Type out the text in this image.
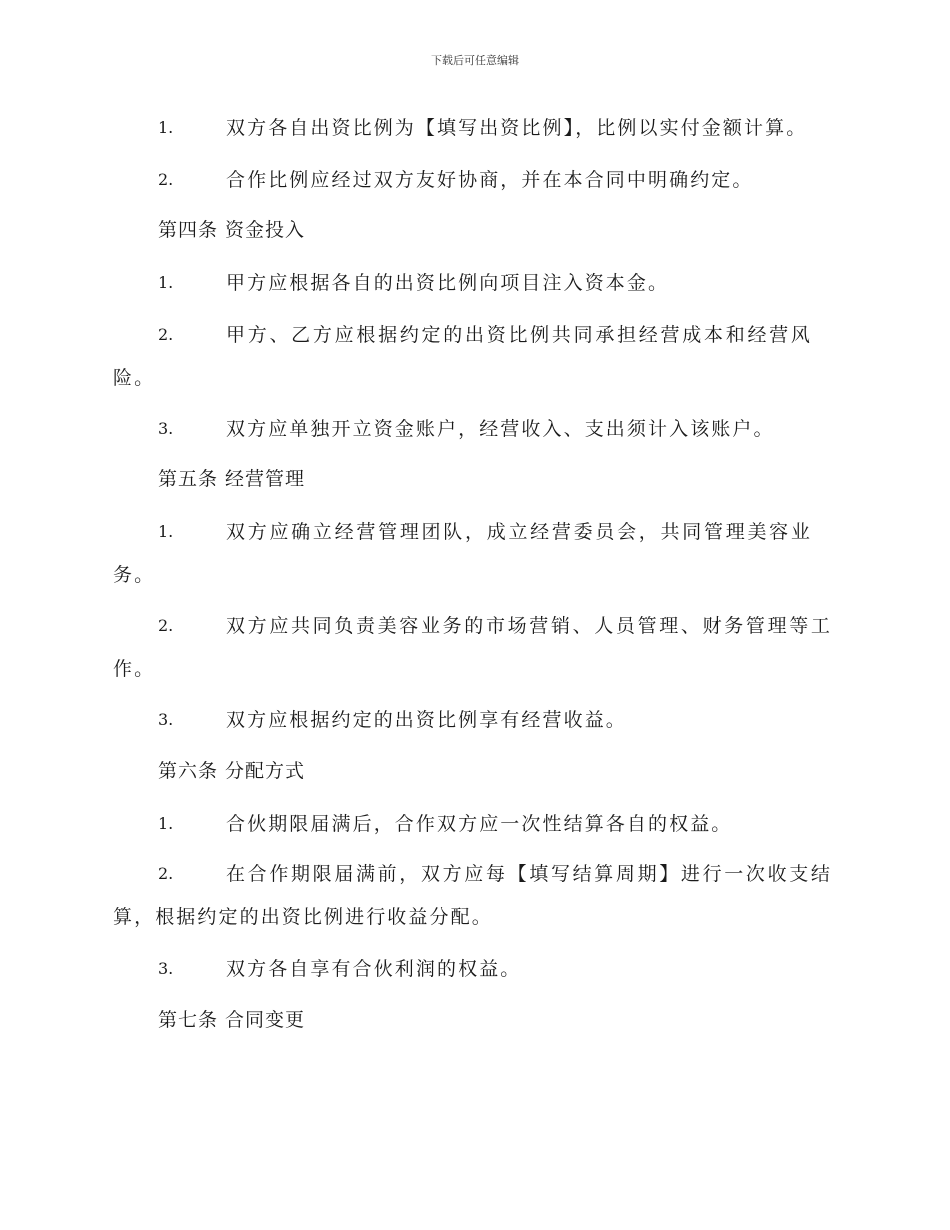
下载后可任意编辑
1.	双方各自出资比例为【填写出资比例】，比例以实付金额计算。
2.	合作比例应经过双方友好协商，并在本合同中明确约定。
第四条 资金投入
1.	甲方应根据各自的出资比例向项目注入资本金。
2.	甲方、乙方应根据约定的出资比例共同承担经营成本和经营风
险。
3.	双方应单独开立资金账户，经营收入、支出须计入该账户。
第五条 经营管理
1.	双方应确立经营管理团队，成立经营委员会，共同管理美容业
务。
2.	双方应共同负责美容业务的市场营销、人员管理、财务管理等工
作。
3.	双方应根据约定的出资比例享有经营收益。
第六条 分配方式
1.	合伙期限届满后，合作双方应一次性结算各自的权益。
2.	在合作期限届满前，双方应每【填写结算周期】进行一次收支结
算，根据约定的出资比例进行收益分配。
3.	双方各自享有合伙利润的权益。
第七条 合同变更
